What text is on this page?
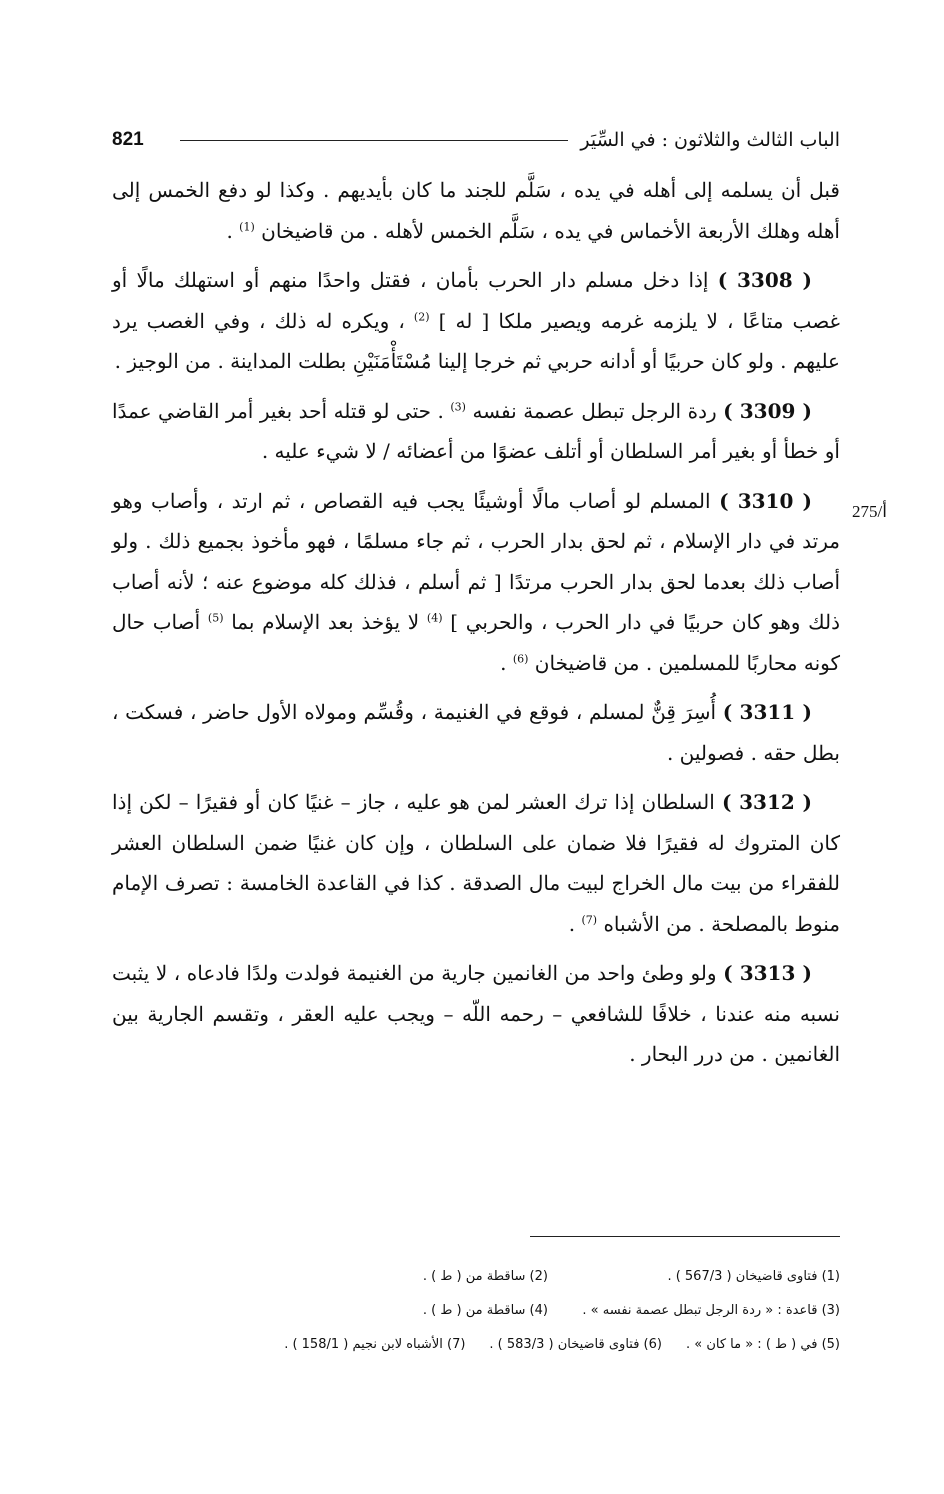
821	الباب الثالث والثلاثون : في السِّيَر
275/أ

قبل أن يسلمه إلى أهله في يده ، سَلَّم للجند ما كان بأيديهم . وكذا لو دفع الخمس إلى أهله وهلك الأربعة الأخماس في يده ، سَلَّم الخمس لأهله . من قاضيخان $^{(1)}$ .

( 3308 ) إذا دخل مسلم دار الحرب بأمان ، فقتل واحدًا منهم أو استهلك مالًا أو غصب متاعًا ، لا يلزمه غرمه ويصير ملكا [ له ] $^{(2)}$ ، ويكره له ذلك ، وفي الغصب يرد عليهم . ولو كان حربيًا أو أدانه حربي ثم خرجا إلينا مُسْتَأْمَنَيْنِ بطلت المداينة . من الوجيز .

( 3309 ) ردة الرجل تبطل عصمة نفسه $^{(3)}$ . حتى لو قتله أحد بغير أمر القاضي عمدًا أو خطأ أو بغير أمر السلطان أو أتلف عضوًا من أعضائه / لا شيء عليه .

( 3310 ) المسلم لو أصاب مالًا أوشيئًا يجب فيه القصاص ، ثم ارتد ، وأصاب وهو مرتد في دار الإسلام ، ثم لحق بدار الحرب ، ثم جاء مسلمًا ، فهو مأخوذ بجميع ذلك . ولو أصاب ذلك بعدما لحق بدار الحرب مرتدًا [ ثم أسلم ، فذلك كله موضوع عنه ؛ لأنه أصاب ذلك وهو كان حربيًا في دار الحرب ، والحربي ] $^{(4)}$ لا يؤخذ بعد الإسلام بما $^{(5)}$ أصاب حال كونه محاربًا للمسلمين . من قاضيخان $^{(6)}$ .

( 3311 ) أُسِرَ قِنٌّ لمسلم ، فوقع في الغنيمة ، وقُسِّم ومولاه الأول حاضر ، فسكت ، بطل حقه . فصولين .

( 3312 ) السلطان إذا ترك العشر لمن هو عليه ، جاز – غنيًا كان أو فقيرًا – لكن إذا كان المتروك له فقيرًا فلا ضمان على السلطان ، وإن كان غنيًا ضمن السلطان العشر للفقراء من بيت مال الخراج لبيت مال الصدقة . كذا في القاعدة الخامسة : تصرف الإمام منوط بالمصلحة . من الأشباه $^{(7)}$ .

( 3313 ) ولو وطئ واحد من الغانمين جارية من الغنيمة فولدت ولدًا فادعاه ، لا يثبت نسبه منه عندنا ، خلافًا للشافعي – رحمه اللّه – ويجب عليه العقر ، وتقسم الجارية بين الغانمين . من درر البحار .

(1) فتاوى قاضيخان ( 567/3 ) .
(2) ساقطة من ( ط ) .
(3) قاعدة : « ردة الرجل تبطل عصمة نفسه » .
(4) ساقطة من ( ط ) .
(5) في ( ط ) : « ما كان » .
(6) فتاوى قاضيخان ( 583/3 ) .
(7) الأشباه لابن نجيم ( 158/1 ) .
